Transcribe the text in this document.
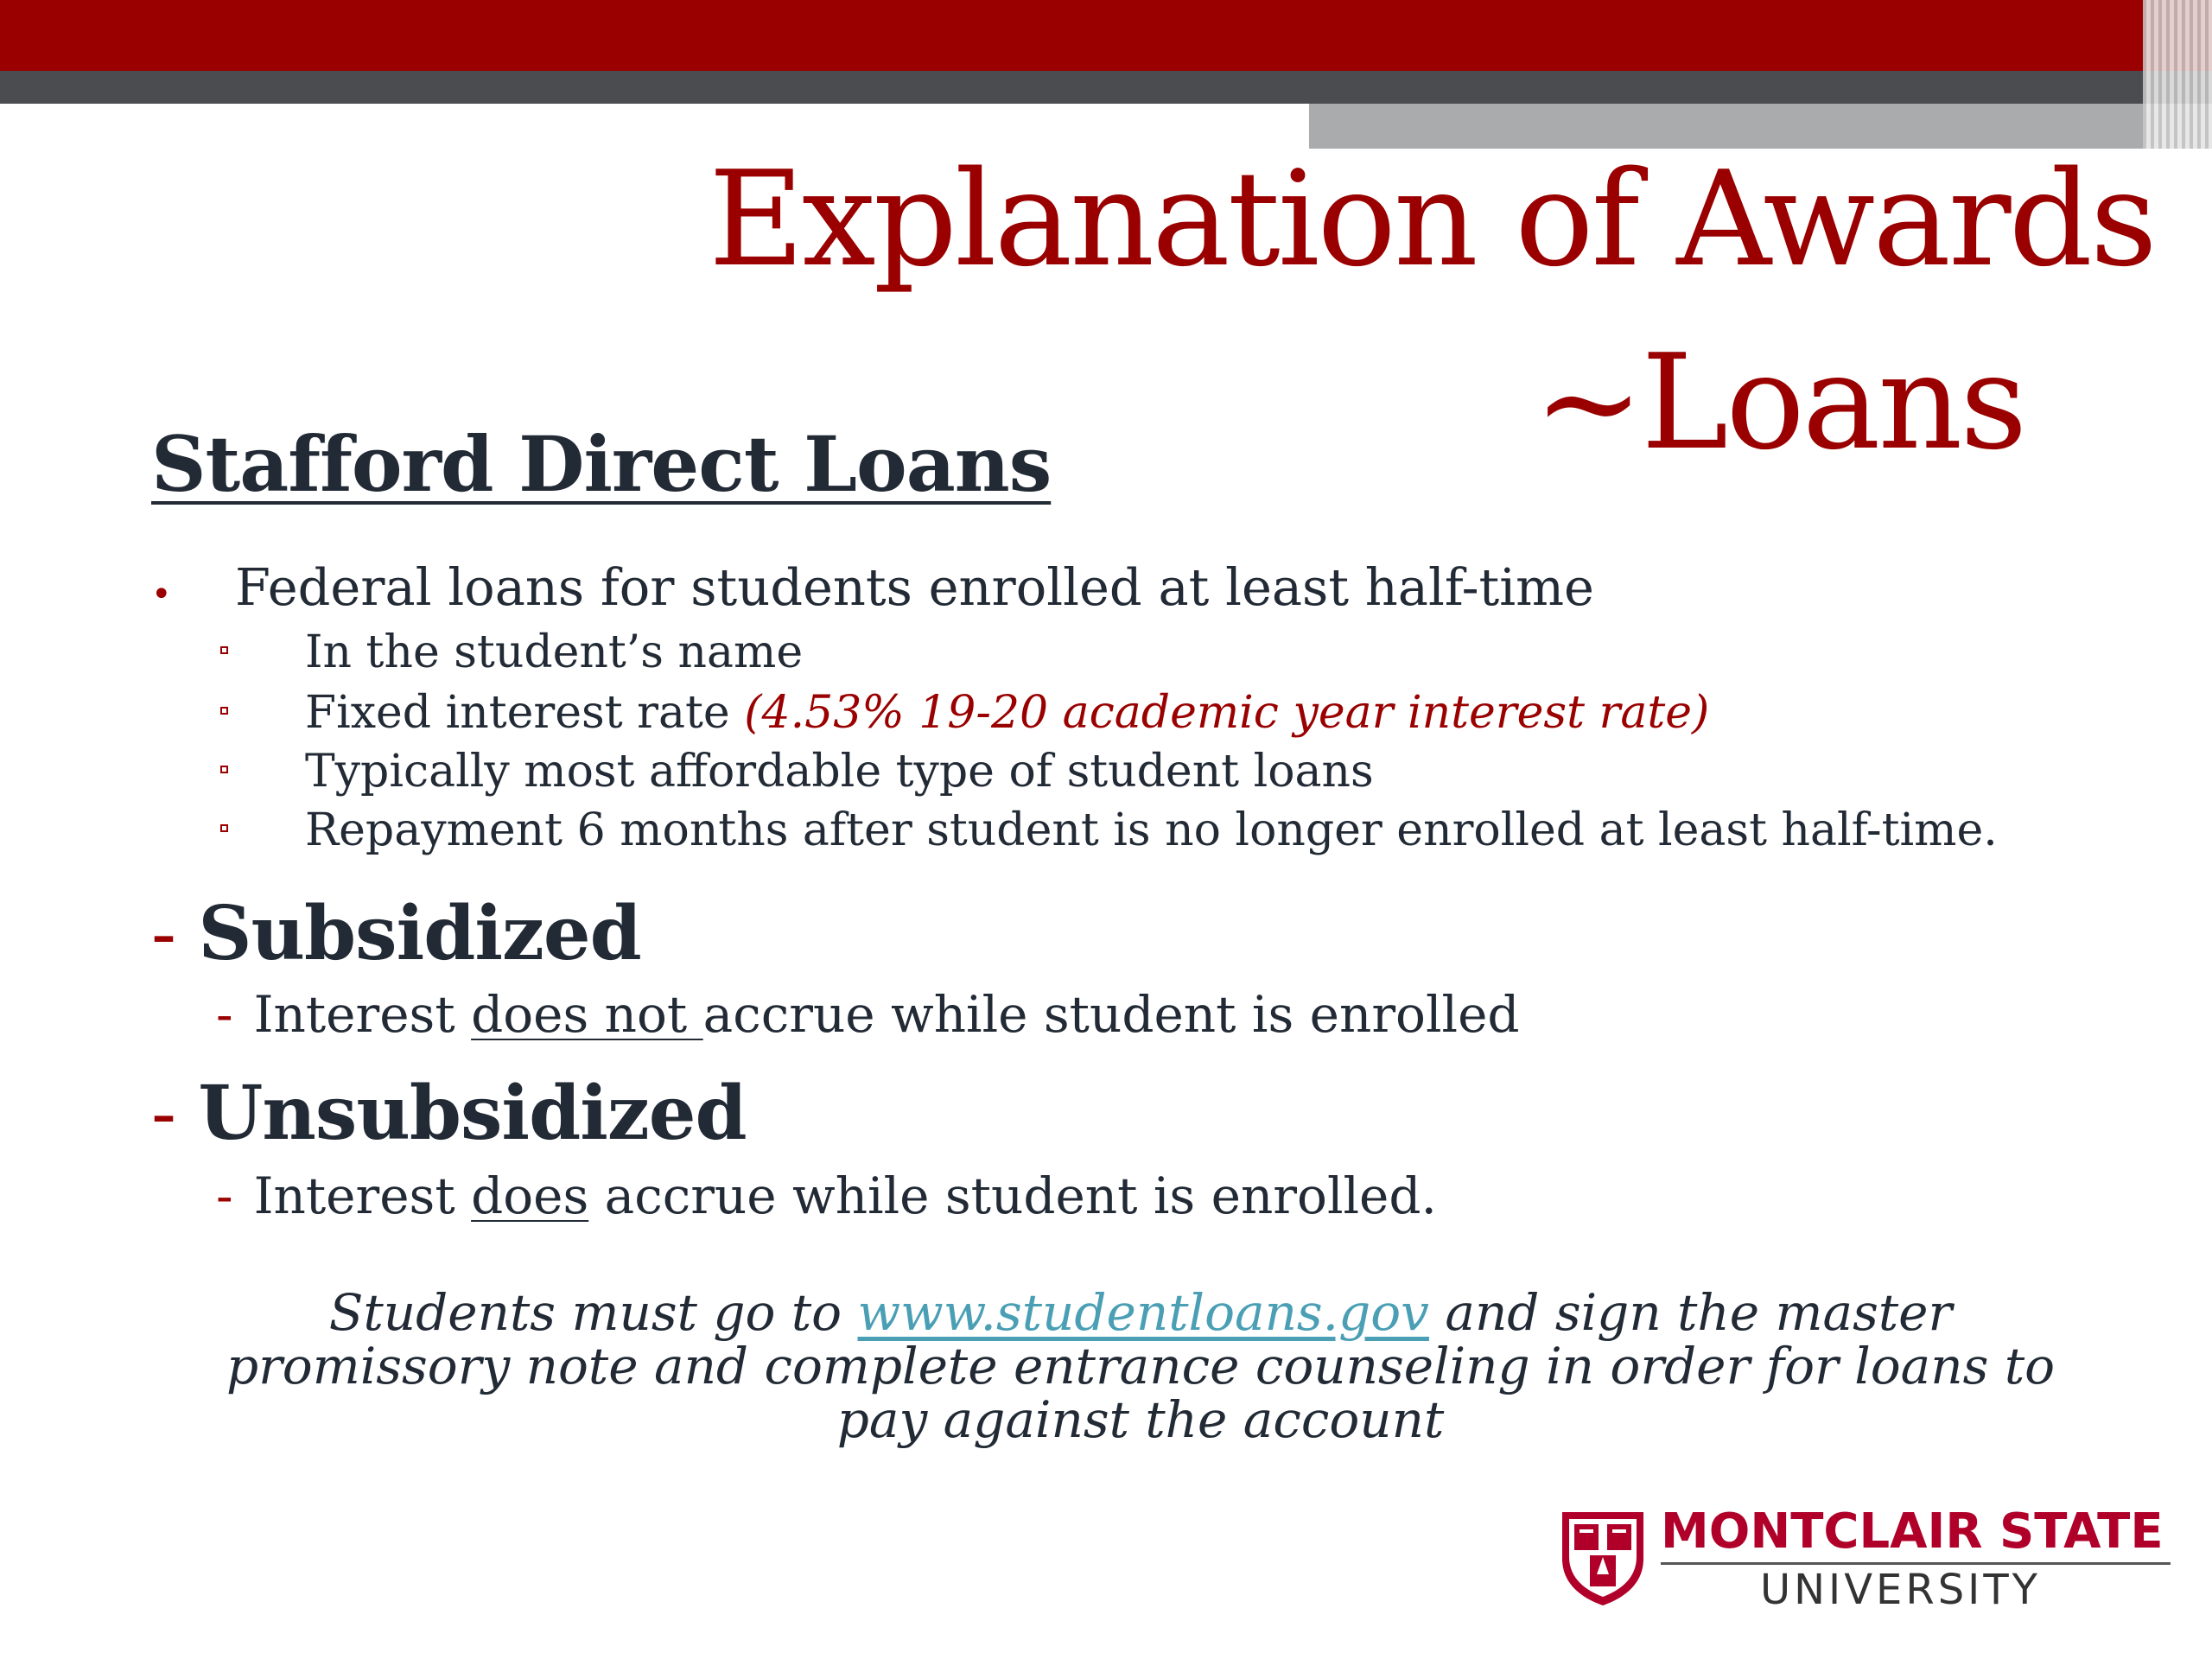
Explanation of Awards
~Loans
Stafford Direct Loans
• Federal loans for students enrolled at least half-time
In the student’s name
Fixed interest rate (4.53% 19-20 academic year interest rate)
Typically most affordable type of student loans
Repayment 6 months after student is no longer enrolled at least half-time.
- Subsidized
- Interest does not accrue while student is enrolled
- Unsubsidized
- Interest does accrue while student is enrolled.
Students must go to www.studentloans.gov and sign the master promissory note and complete entrance counseling in order for loans to pay against the account
MONTCLAIR STATE
UNIVERSITY
